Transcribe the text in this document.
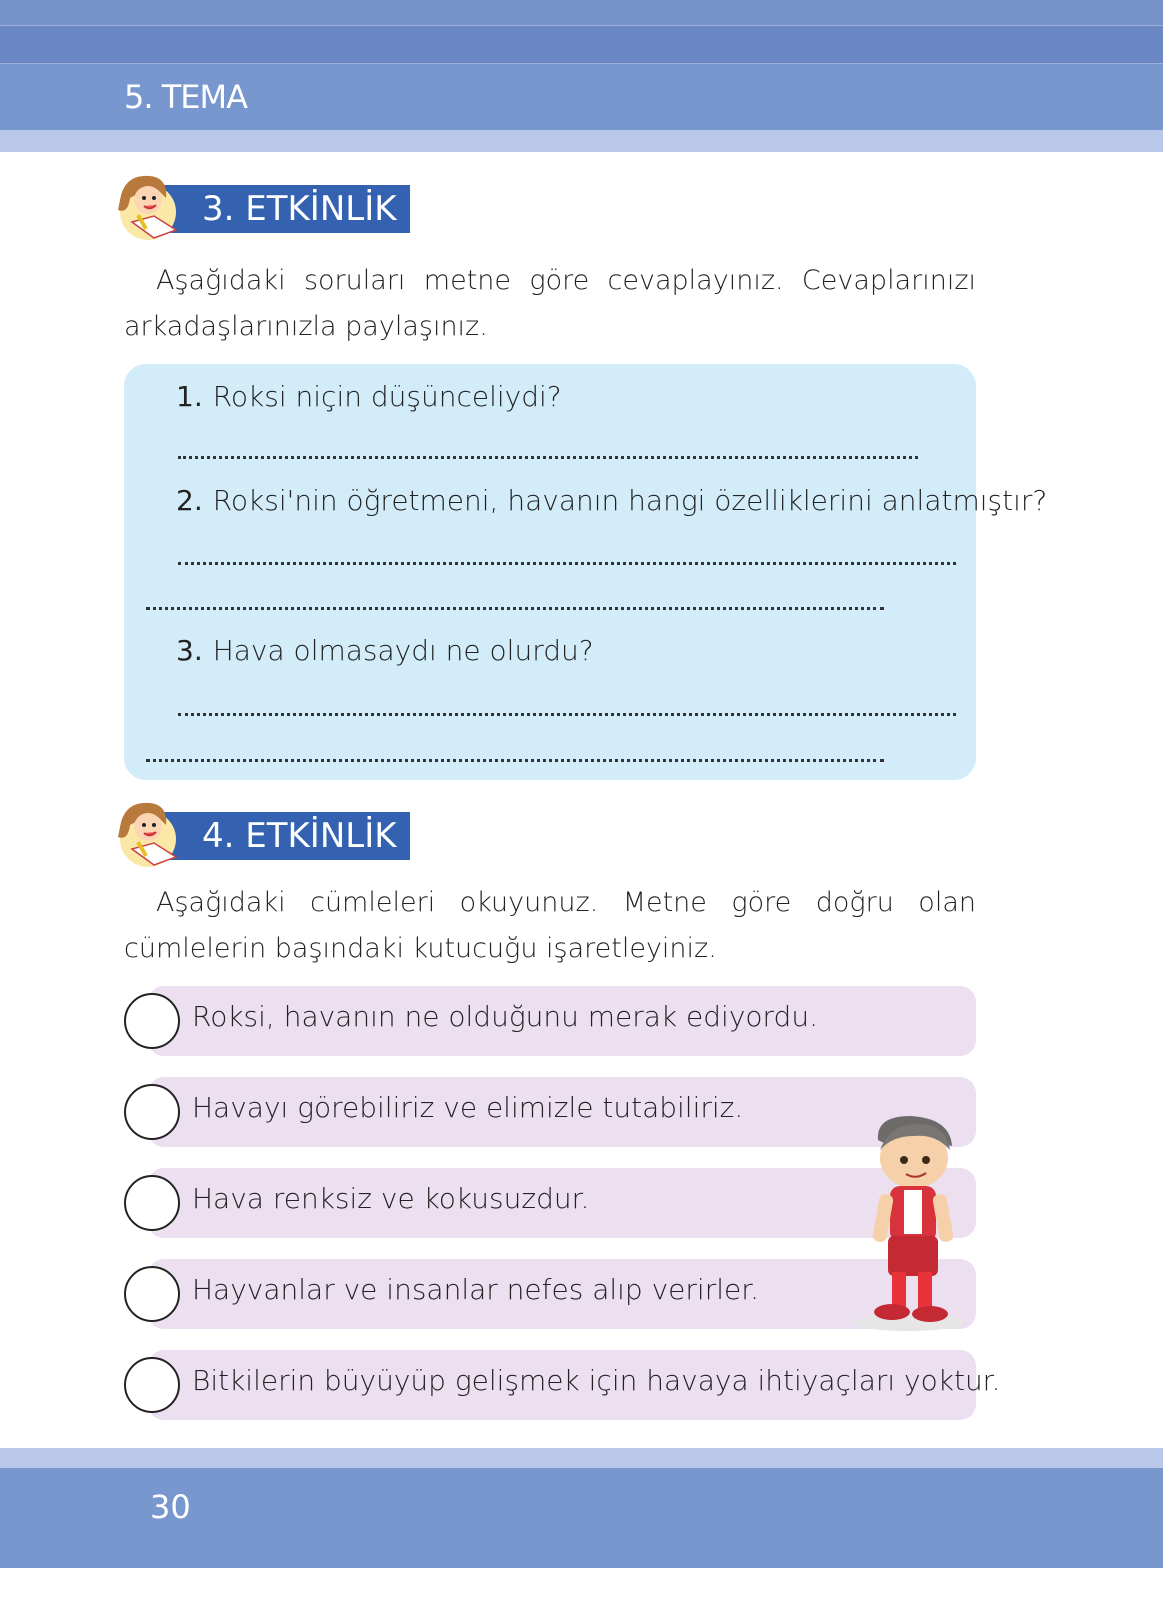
5. TEMA
3. ETKİNLİK

Aşağıdaki soruları metne göre cevaplayınız. Cevaplarınızı arkadaşlarınızla paylaşınız.

1. Roksi niçin düşünceliydi?
2. Roksi'nin öğretmeni, havanın hangi özelliklerini anlatmıştır?
3. Hava olmasaydı ne olurdu?
4. ETKİNLİK

Aşağıdaki cümleleri okuyunuz. Metne göre doğru olan cümlelerin başındaki kutucuğu işaretleyiniz.

Roksi, havanın ne olduğunu merak ediyordu.
Havayı görebiliriz ve elimizle tutabiliriz.
Hava renksiz ve kokusuzdur.
Hayvanlar ve insanlar nefes alıp verirler.
Bitkilerin büyüyüp gelişmek için havaya ihtiyaçları yoktur.
30
